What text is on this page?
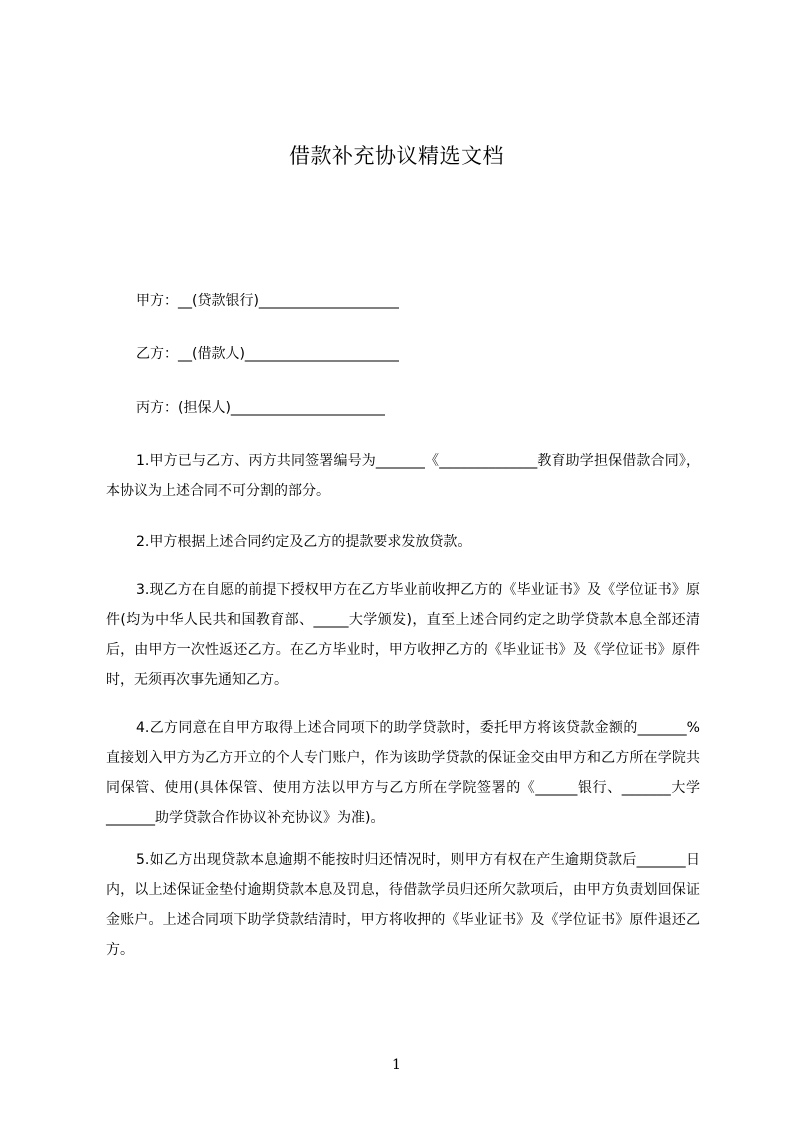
借款补充协议精选文档
甲方：__(贷款银行)____________________
乙方：__(借款人)______________________
丙方：(担保人)______________________

1.甲方已与乙方、丙方共同签署编号为_______《______________教育助学担保借款合同》，本协议为上述合同不可分割的部分。

2.甲方根据上述合同约定及乙方的提款要求发放贷款。

3.现乙方在自愿的前提下授权甲方在乙方毕业前收押乙方的《毕业证书》及《学位证书》原件(均为中华人民共和国教育部、_____大学颁发)，直至上述合同约定之助学贷款本息全部还清后，由甲方一次性返还乙方。在乙方毕业时，甲方收押乙方的《毕业证书》及《学位证书》原件时，无须再次事先通知乙方。

4.乙方同意在自甲方取得上述合同项下的助学贷款时，委托甲方将该贷款金额的_______%直接划入甲方为乙方开立的个人专门账户，作为该助学贷款的保证金交由甲方和乙方所在学院共同保管、使用(具体保管、使用方法以甲方与乙方所在学院签署的《______银行、_______大学_______助学贷款合作协议补充协议》为准)。

5.如乙方出现贷款本息逾期不能按时归还情况时，则甲方有权在产生逾期贷款后_______日内，以上述保证金垫付逾期贷款本息及罚息，待借款学员归还所欠款项后，由甲方负责划回保证金账户。上述合同项下助学贷款结清时，甲方将收押的《毕业证书》及《学位证书》原件退还乙方。

1
